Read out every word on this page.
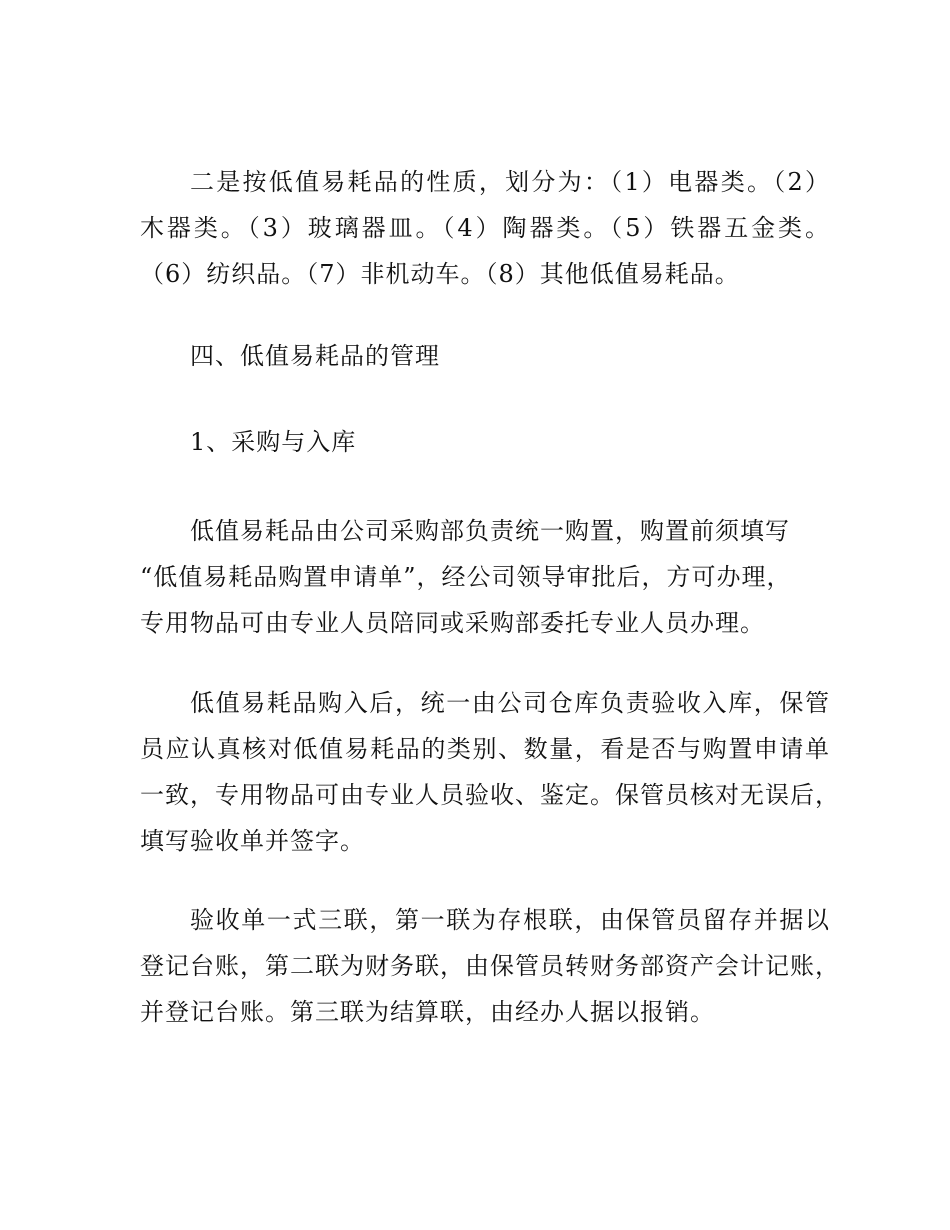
二是按低值易耗品的性质，划分为：（1）电器类。（2）
木器类。（3）玻璃器皿。（4）陶器类。（5）铁器五金类。
（6）纺织品。（7）非机动车。（8）其他低值易耗品。
四、低值易耗品的管理
1、采购与入库
低值易耗品由公司采购部负责统一购置，购置前须填写
“低值易耗品购置申请单”，经公司领导审批后，方可办理，
专用物品可由专业人员陪同或采购部委托专业人员办理。
低值易耗品购入后，统一由公司仓库负责验收入库，保管
员应认真核对低值易耗品的类别、数量，看是否与购置申请单
一致，专用物品可由专业人员验收、鉴定。保管员核对无误后，
填写验收单并签字。
验收单一式三联，第一联为存根联，由保管员留存并据以
登记台账，第二联为财务联，由保管员转财务部资产会计记账，
并登记台账。第三联为结算联，由经办人据以报销。
